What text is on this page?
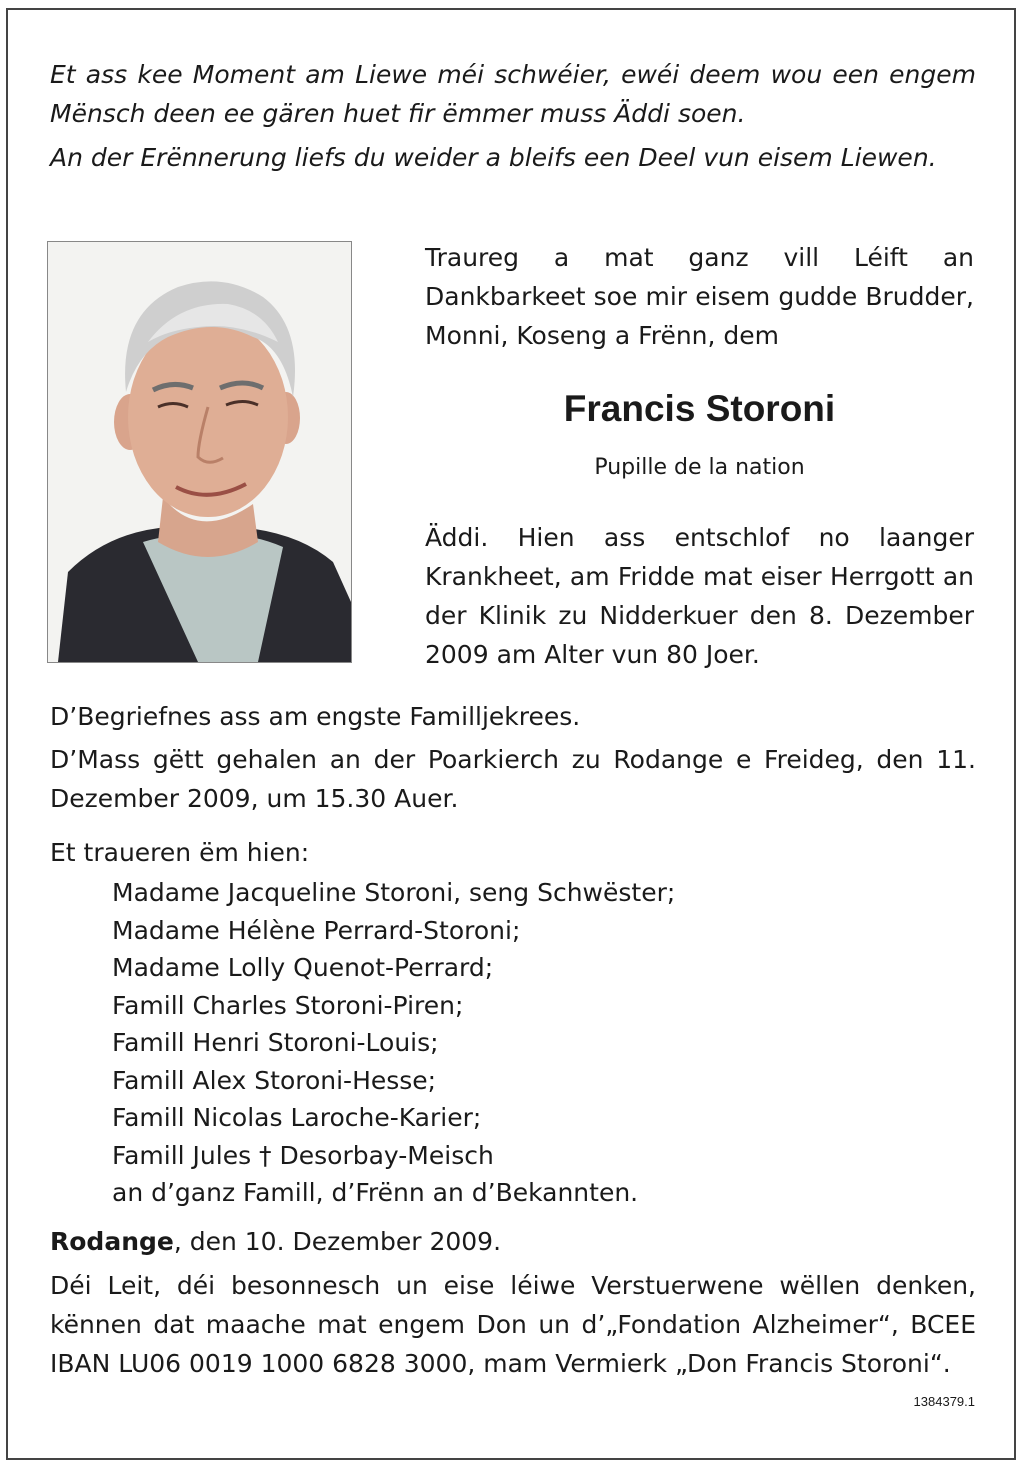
Et ass kee Moment am Liewe méi schwéier, ewéi deem wou een engem Mënsch deen ee gären huet fir ëmmer muss Äddi soen.

An der Erënnerung liefs du weider a bleifs een Deel vun eisem Liewen.

Traureg a mat ganz vill Léift an Dankbarkeet soe mir eisem gudde Brudder, Monni, Koseng a Frënn, dem

Francis Storoni

Pupille de la nation

Äddi. Hien ass entschlof no laanger Krankheet, am Fridde mat eiser Herrgott an der Klinik zu Nidderkuer den 8. Dezember 2009 am Alter vun 80 Joer.

D’Begriefnes ass am engste Familljekrees.

D’Mass gëtt gehalen an der Poarkierch zu Rodange e Freideg, den 11. Dezember 2009, um 15.30 Auer.

Et traueren ëm hien:

Madame Jacqueline Storoni, seng Schwëster;
Madame Hélène Perrard-Storoni;
Madame Lolly Quenot-Perrard;
Famill Charles Storoni-Piren;
Famill Henri Storoni-Louis;
Famill Alex Storoni-Hesse;
Famill Nicolas Laroche-Karier;
Famill Jules † Desorbay-Meisch
an d’ganz Famill, d’Frënn an d’Bekannten.

Rodange, den 10. Dezember 2009.

Déi Leit, déi besonnesch un eise léiwe Verstuerwene wëllen denken, kënnen dat maache mat engem Don un d’„Fondation Alzheimer“, BCEE IBAN LU06 0019 1000 6828 3000, mam Vermierk „Don Francis Storoni“.

1384379.1
